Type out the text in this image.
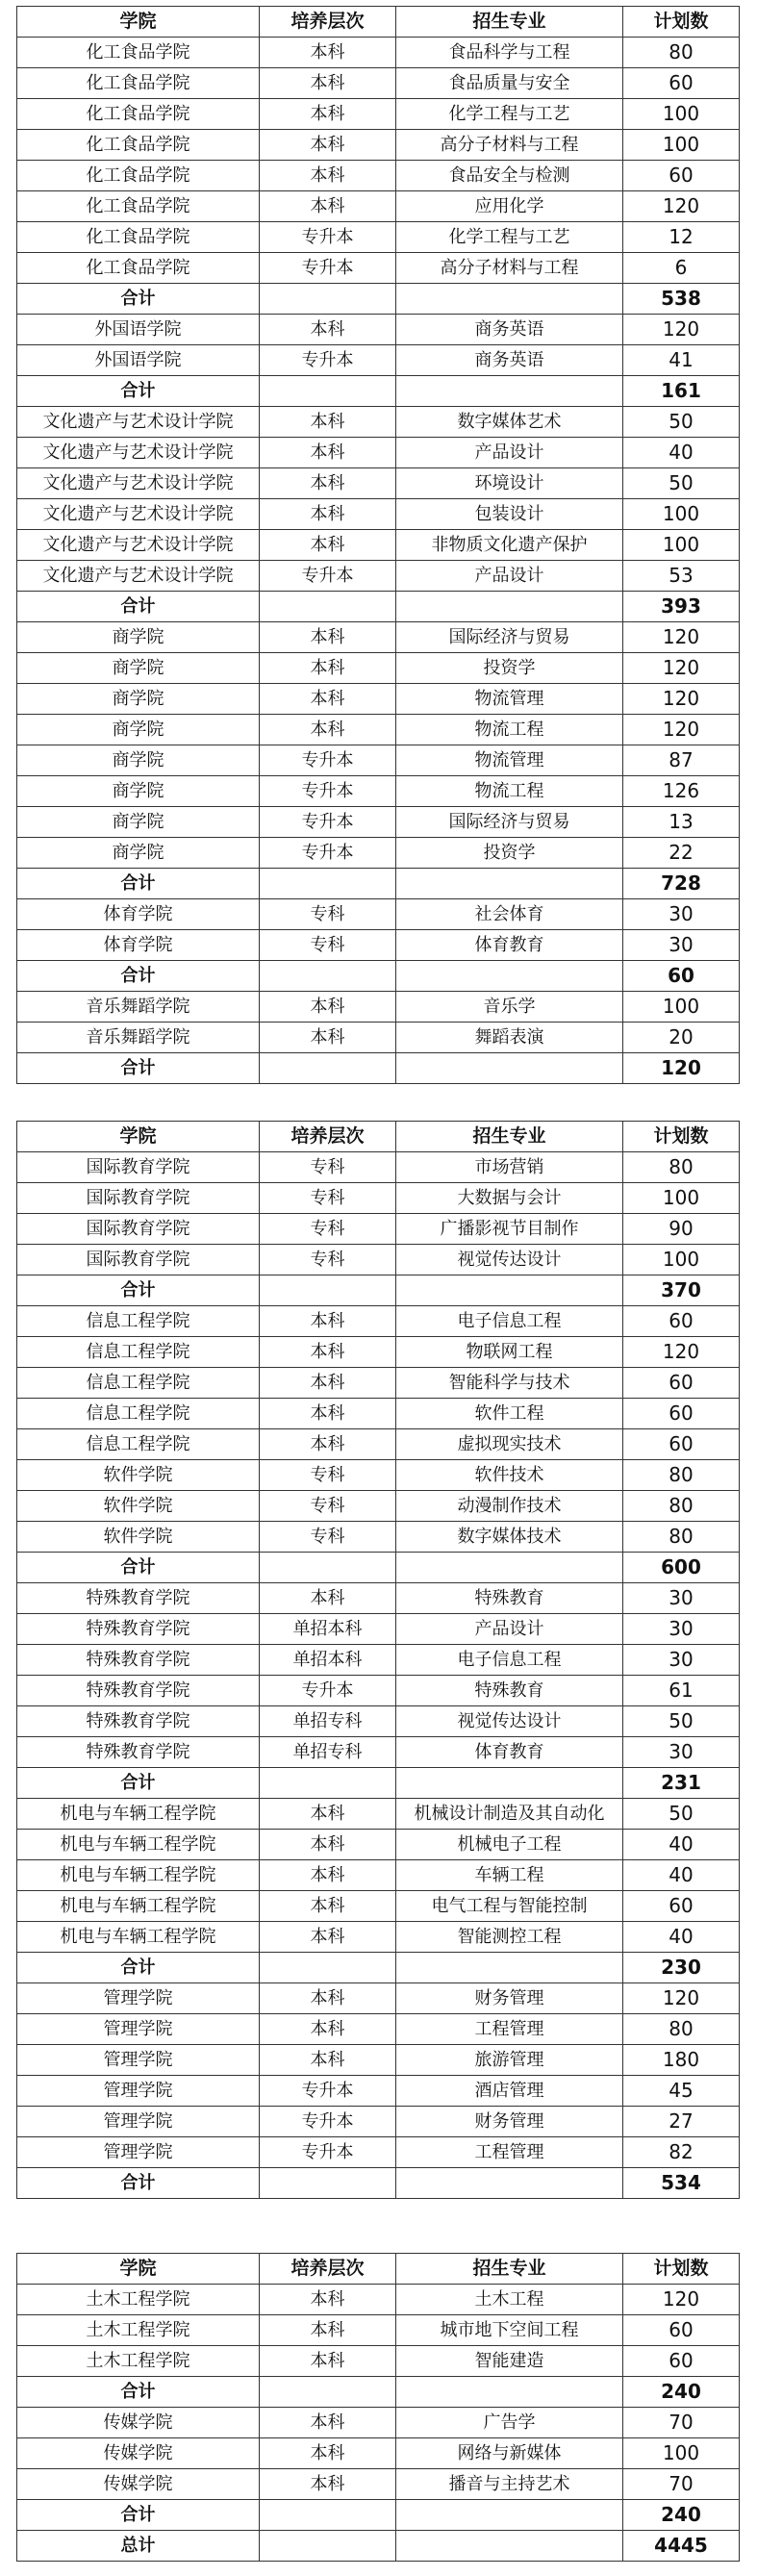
学院	培养层次	招生专业	计划数
化工食品学院	本科	食品科学与工程	80
化工食品学院	本科	食品质量与安全	60
化工食品学院	本科	化学工程与工艺	100
化工食品学院	本科	高分子材料与工程	100
化工食品学院	本科	食品安全与检测	60
化工食品学院	本科	应用化学	120
化工食品学院	专升本	化学工程与工艺	12
化工食品学院	专升本	高分子材料与工程	6
合计			538
外国语学院	本科	商务英语	120
外国语学院	专升本	商务英语	41
合计			161
文化遗产与艺术设计学院	本科	数字媒体艺术	50
文化遗产与艺术设计学院	本科	产品设计	40
文化遗产与艺术设计学院	本科	环境设计	50
文化遗产与艺术设计学院	本科	包装设计	100
文化遗产与艺术设计学院	本科	非物质文化遗产保护	100
文化遗产与艺术设计学院	专升本	产品设计	53
合计			393
商学院	本科	国际经济与贸易	120
商学院	本科	投资学	120
商学院	本科	物流管理	120
商学院	本科	物流工程	120
商学院	专升本	物流管理	87
商学院	专升本	物流工程	126
商学院	专升本	国际经济与贸易	13
商学院	专升本	投资学	22
合计			728
体育学院	专科	社会体育	30
体育学院	专科	体育教育	30
合计			60
音乐舞蹈学院	本科	音乐学	100
音乐舞蹈学院	本科	舞蹈表演	20
合计			120
学院	培养层次	招生专业	计划数
国际教育学院	专科	市场营销	80
国际教育学院	专科	大数据与会计	100
国际教育学院	专科	广播影视节目制作	90
国际教育学院	专科	视觉传达设计	100
合计			370
信息工程学院	本科	电子信息工程	60
信息工程学院	本科	物联网工程	120
信息工程学院	本科	智能科学与技术	60
信息工程学院	本科	软件工程	60
信息工程学院	本科	虚拟现实技术	60
软件学院	专科	软件技术	80
软件学院	专科	动漫制作技术	80
软件学院	专科	数字媒体技术	80
合计			600
特殊教育学院	本科	特殊教育	30
特殊教育学院	单招本科	产品设计	30
特殊教育学院	单招本科	电子信息工程	30
特殊教育学院	专升本	特殊教育	61
特殊教育学院	单招专科	视觉传达设计	50
特殊教育学院	单招专科	体育教育	30
合计			231
机电与车辆工程学院	本科	机械设计制造及其自动化	50
机电与车辆工程学院	本科	机械电子工程	40
机电与车辆工程学院	本科	车辆工程	40
机电与车辆工程学院	本科	电气工程与智能控制	60
机电与车辆工程学院	本科	智能测控工程	40
合计			230
管理学院	本科	财务管理	120
管理学院	本科	工程管理	80
管理学院	本科	旅游管理	180
管理学院	专升本	酒店管理	45
管理学院	专升本	财务管理	27
管理学院	专升本	工程管理	82
合计			534
学院	培养层次	招生专业	计划数
土木工程学院	本科	土木工程	120
土木工程学院	本科	城市地下空间工程	60
土木工程学院	本科	智能建造	60
合计			240
传媒学院	本科	广告学	70
传媒学院	本科	网络与新媒体	100
传媒学院	本科	播音与主持艺术	70
合计			240
总计			4445
